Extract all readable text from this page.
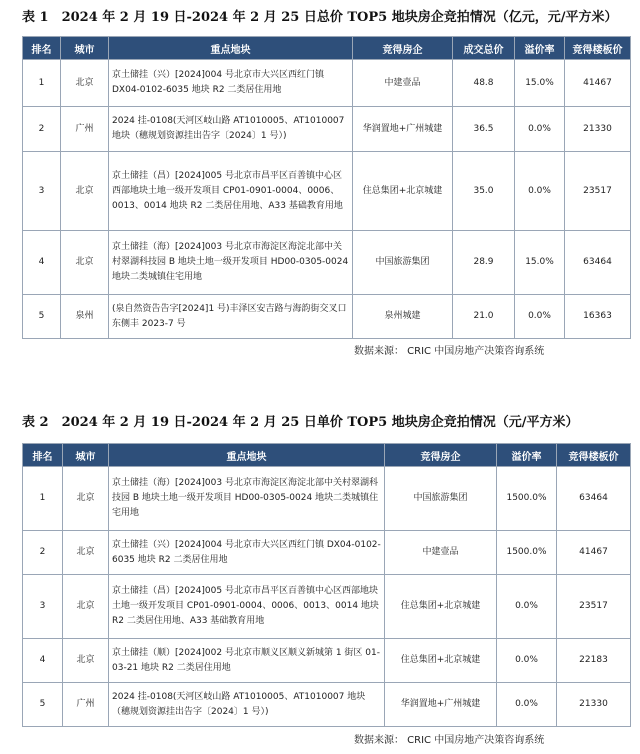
表 1　2024 年 2 月 19 日-2024 年 2 月 25 日总价 TOP5 地块房企竞拍情况（亿元，元/平方米）
排名	城市	重点地块	竞得房企	成交总价	溢价率	竞得楼板价
1	北京	京土储挂（兴）[2024]004 号北京市大兴区西红门镇 DX04-0102-6035 地块 R2 二类居住用地	中建壹品	48.8	15.0%	41467
2	广州	2024 挂-0108(天河区岐山路 AT1010005、AT1010007 地块（穗规划资源挂出告字〔2024〕1 号）)	华润置地+广州城建	36.5	0.0%	21330
3	北京	京土储挂（昌）[2024]005 号北京市昌平区百善镇中心区西部地块土地一级开发项目 CP01-0901-0004、0006、0013、0014 地块 R2 二类居住用地、A33 基础教育用地	住总集团+北京城建	35.0	0.0%	23517
4	北京	京土储挂（海）[2024]003 号北京市海淀区海淀北部中关村翠湖科技园 B 地块土地一级开发项目 HD00-0305-0024 地块二类城镇住宅用地	中国旅游集团	28.9	15.0%	63464
5	泉州	(泉自然资告告字[2024]1 号)丰泽区安吉路与海韵街交叉口东侧丰 2023-7 号	泉州城建	21.0	0.0%	16363
数据来源： CRIC 中国房地产决策咨询系统
表 2　2024 年 2 月 19 日-2024 年 2 月 25 日单价 TOP5 地块房企竞拍情况（元/平方米）
排名	城市	重点地块	竞得房企	溢价率	竞得楼板价
1	北京	京土储挂（海）[2024]003 号北京市海淀区海淀北部中关村翠湖科技园 B 地块土地一级开发项目 HD00-0305-0024 地块二类城镇住宅用地	中国旅游集团	1500.0%	63464
2	北京	京土储挂（兴）[2024]004 号北京市大兴区西红门镇 DX04-0102-6035 地块 R2 二类居住用地	中建壹品	1500.0%	41467
3	北京	京土储挂（昌）[2024]005 号北京市昌平区百善镇中心区西部地块土地一级开发项目 CP01-0901-0004、0006、0013、0014 地块 R2 二类居住用地、A33 基础教育用地	住总集团+北京城建	0.0%	23517
4	北京	京土储挂（顺）[2024]002 号北京市顺义区顺义新城第 1 街区 01-03-21 地块 R2 二类居住用地	住总集团+北京城建	0.0%	22183
5	广州	2024 挂-0108(天河区岐山路 AT1010005、AT1010007 地块（穗规划资源挂出告字〔2024〕1 号）)	华润置地+广州城建	0.0%	21330
数据来源： CRIC 中国房地产决策咨询系统
